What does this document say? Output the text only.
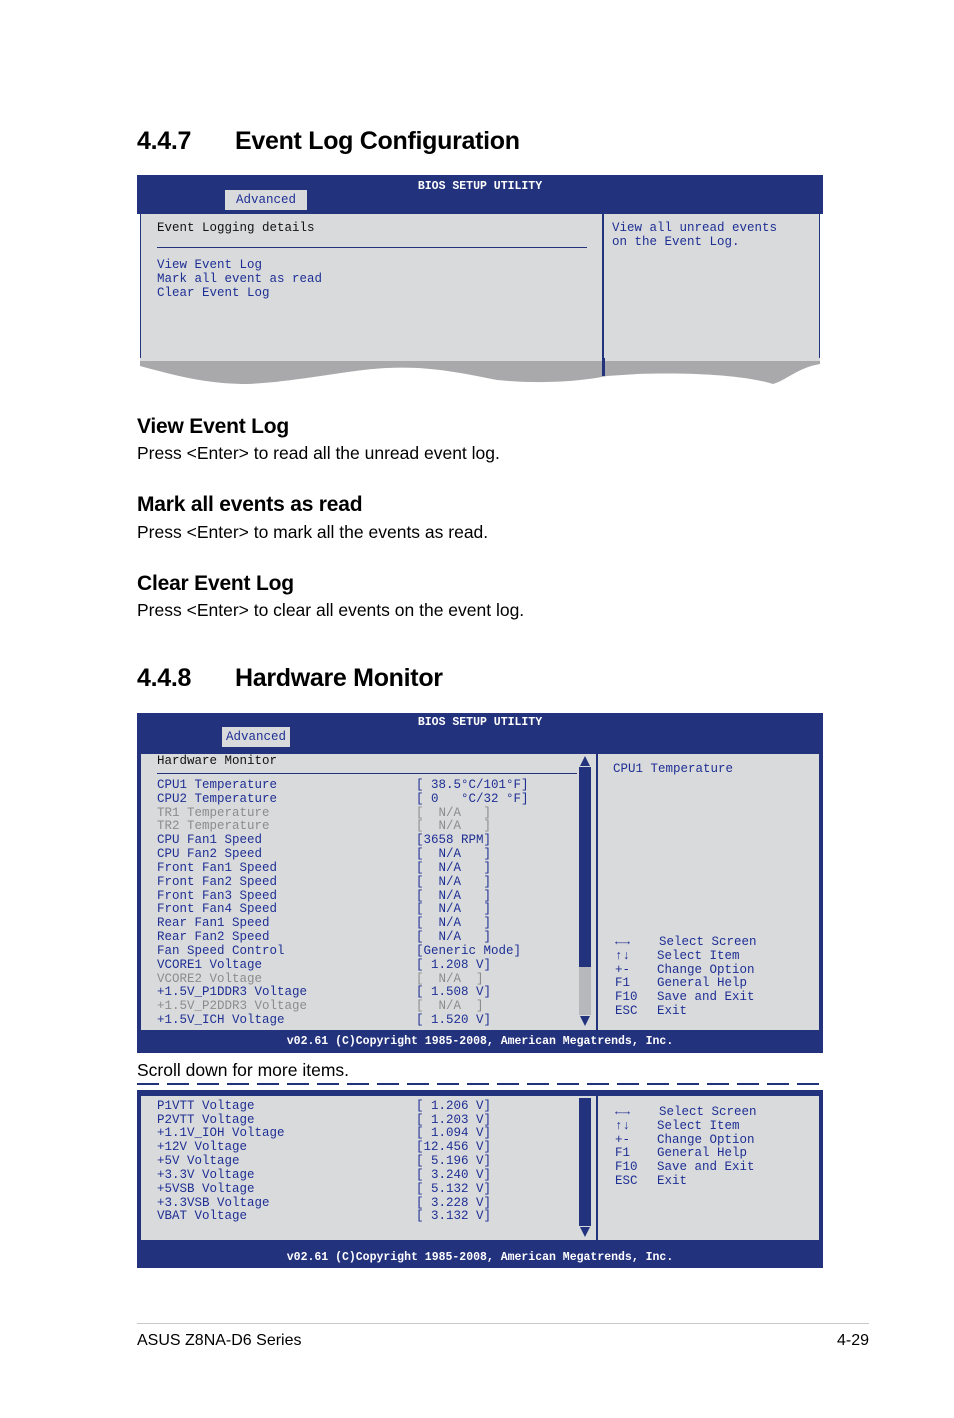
4.4.7 Event Log Configuration
BIOS SETUP UTILITY
Advanced
Event Logging details
View Event Log
Mark all event as read
Clear Event Log
View all unread events
on the Event Log.
View Event Log
Press <Enter> to read all the unread event log.
Mark all events as read
Press <Enter> to mark all the events as read.
Clear Event Log
Press <Enter> to clear all events on the event log.
4.4.8 Hardware Monitor
BIOS SETUP UTILITY
Advanced
Hardware Monitor
CPU1 Temperature	[ 38.5°C/101°F]
CPU2 Temperature	[ 0   °C/32 °F]
TR1 Temperature	[  N/A   ]
TR2 Temperature	[  N/A   ]
CPU Fan1 Speed	[3658 RPM]
CPU Fan2 Speed	[  N/A   ]
Front Fan1 Speed	[  N/A   ]
Front Fan2 Speed	[  N/A   ]
Front Fan3 Speed	[  N/A   ]
Front Fan4 Speed	[  N/A   ]
Rear Fan1 Speed	[  N/A   ]
Rear Fan2 Speed	[  N/A   ]
Fan Speed Control	[Generic Mode]
VCORE1 Voltage	[ 1.208 V]
VCORE2 Voltage	[  N/A  ]
+1.5V_P1DDR3 Voltage	[ 1.508 V]
+1.5V_P2DDR3 Voltage	[  N/A  ]
+1.5V_ICH Voltage	[ 1.520 V]
CPU1 Temperature
←→ Select Screen
↑↓ Select Item
+- Change Option
F1 General Help
F10 Save and Exit
ESC Exit
v02.61 (C)Copyright 1985-2008, American Megatrends, Inc.
Scroll down for more items.
P1VTT Voltage	[ 1.206 V]
P2VTT Voltage	[ 1.203 V]
+1.1V_IOH Voltage	[ 1.094 V]
+12V Voltage	[12.456 V]
+5V Voltage	[ 5.196 V]
+3.3V Voltage	[ 3.240 V]
+5VSB Voltage	[ 5.132 V]
+3.3VSB Voltage	[ 3.228 V]
VBAT Voltage	[ 3.132 V]
←→ Select Screen
↑↓ Select Item
+- Change Option
F1 General Help
F10 Save and Exit
ESC Exit
v02.61 (C)Copyright 1985-2008, American Megatrends, Inc.
ASUS Z8NA-D6 Series	4-29
